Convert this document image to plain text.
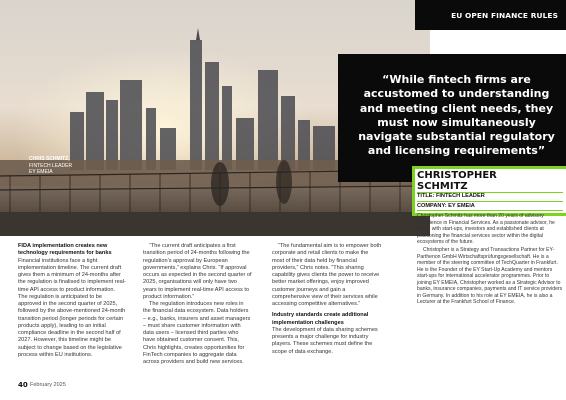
EU OPEN FINANCE RULES
“While fintech firms are accustomed to understanding and meeting client needs, they must now simultaneously navigate substantial regulatory and licensing requirements”
CHRIS SCHMITZ,
FINTECH LEADER
EY EMEIA	CHRISTOPHER
SCHMITZ
TITLE: FINTECH LEADER
COMPANY: EY EMEIA

Christopher Schmitz has more than 20 years of advisory experience in Financial Services. As a passionate advisor, he works with start-ups, investors and established clients at positioning the financial services sector within the digital ecosystems of the future.

Christopher is a Strategy and Transactions Partner for EY-Parthenon GmbH Wirtschaftsprüfungsgesellschaft. He is a member of the steering committee of TechQuarter in Frankfurt. He is the Founder of the EY Start-Up Academy and mentors start-ups for international accelerator programmes. Prior to joining EY EMEIA, Christopher worked as a Strategic Advisor to banks, insurance companies, payments and IT service providers in Germany. In addition to his role at EY EMEIA, he is also a Lecturer at the Frankfurt School of Finance.

FIDA implementation creates new technology requirements for banks

Financial institutions face a tight implementation timeline. The current draft gives them a minimum of 24-months after the regulation is finalised to implement real-time API access to product information. The regulation is anticipated to be approved in the second quarter of 2025, followed by the above-mentioned 24-month transition period (longer periods for certain products apply), leading to an initial compliance deadline in the second half of 2027. However, this timeline might be subject to change based on the legislative process within EU institutions.

“The current draft anticipates a first transition period of 24-months following the regulation’s approval by European governments,” explains Chris. “If approval occurs as expected in the second quarter of 2025, organisations will only have two years to implement real-time API access to product information.”

The regulation introduces new roles in the financial data ecosystem. Data holders – e.g., banks, insurers and asset managers – must share customer information with data users – licensed third parties who have obtained customer consent. This, Chris highlights, creates opportunities for FinTech companies to aggregate data across providers and build new services.

“The fundamental aim is to empower both corporate and retail clients to make the most of their data held by financial providers,” Chris notes. “This sharing capability gives clients the power to receive better market offerings, enjoy improved customer journeys and gain a comprehensive view of their services while accessing competitive alternatives.”

Industry standards create additional implementation challenges

The development of data sharing schemes presents a major challenge for industry players. These schemes must define the scope of data exchange.

40 February 2025
